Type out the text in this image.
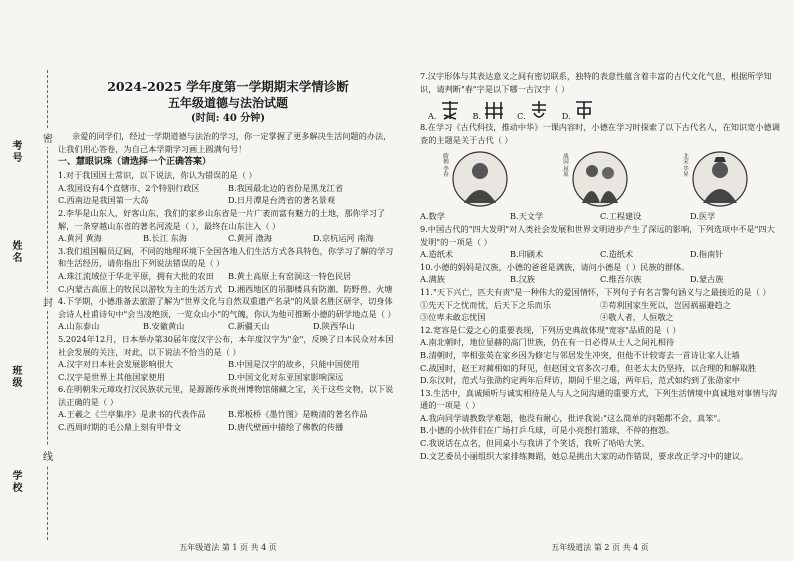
考号
姓名
班级
学校
密
封
线
2024-2025 学年度第一学期期末学情诊断
五年级道德与法治试题
(时间: 40 分钟)

亲爱的同学们，经过一学期道德与法治的学习，你一定掌握了更多解决生活问题的办法，让我们用心答卷，为自己本学期学习画上圆满句号！

一、慧眼识珠（请选择一个正确答案）

1.对于我国国土常识，以下说法，你认为错误的是（ ）

A.我国设有4个直辖市、2个特别行政区	B.我国最北边的省份是黑龙江省
C.西南边是我国第一大岛	D.日月潭是台湾省的著名景观

2.李华是山东人，好客山东，我们的家乡山东省是一片广袤而富有魅力的土地，那你学习了解，一条穿越山东省的著名河流是（ ），最终在山东注入（ ）

A.黄河 黄海	B.长江 东海	C.黄河 渤海	D.京杭运河 南海

3.我们祖国幅员辽阔，不同的地理环境下全国各地人们生活方式各具特色，你学习了解的学习和生活经历，请你指出下列说法错误的是（ ）

A.珠江流域位于华北平原，拥有大批的农田	B.黄土高原上有窑洞这一特色民居
C.内蒙古高原上的牧民以游牧为主的生活方式 D.湘西地区的吊脚楼具有防潮、防野兽、火塘

4.下学期，小德准备去旅游了解为"世界文化与自然双重遗产名录"的风景名胜区研学，切身体会诗人杜甫诗句中"会当凌绝顶，一览众山小"的气魄，你认为他可推断小德的研学地点是（ ）

A.山东泰山	B.安徽黄山	C.新疆天山	D.陕西华山

5.2024年12月，日本举办第30届年度汉字公布，本年度汉字为"金"，反映了日本民众对本国社会发展的关注，对此，以下说法不恰当的是（ ）

A.汉字对日本社会发展影响很大	B.中国是汉字的故乡，只能中国使用
C.汉字是世界上其他国家使用	D.中国文化对东亚国家影响深远

6.在明朝朱元璋攻打汉民族状元里，是源源传承贵州博物馆储藏之宝，关于这些文物，以下说法正确的是（ ）

A.王羲之《兰亭集序》是隶书的代表作品	B.郑板桥《墨竹图》是晚清的著名作品
C.西周时期的毛公鼎上刻有甲骨文	D.唐代壁画中描绘了佛教的传播
五年级道法 第 1 页 共 4 页

7.汉字形体与其表达意义之间有密切联系，独特的表意性蕴含着丰富的古代文化气息，根据所学知识，请判断"春"字是以下哪一古汉字（ ）

A.	B.	C.	D.

8.在学习《古代科技，推动中华》一课内容时，小德在学习时探索了以下古代名人，在知识宽小德调查的主题是关于古代（ ）

隋朝 李春	战国 屈原	北宋 毕昇
A.数学	B.天文学	C.工程建设	D.医学

9.中国古代的"四大发明"对人类社会发展和世界文明进步产生了深远的影响，下列选项中不是"四大发明"的一项是（ ）

A.造纸术	B.印刷术	C.造纸术	D.指南针

10.小德的妈妈是汉族，小德的爸爸是满族，请问小德是（ ）民族的群体。

A.满族	B.汉族	C.维吾尔族	D.蒙古族

11."天下兴亡，匹夫有责"是一种伟大的爱国情怀，下列句子有名言警句涵义与之最接近的是（ ）

①先天下之忧而忧，后天下之乐而乐	②苟利国家生死以，岂因祸福避趋之
③位卑未敢忘忧国	④敬人者，人恒敬之

12.宽容是仁爱之心的重要表现，下列历史典故体现"宽容"品质的是（ ）

A.南北朝时，地位显赫的高门世族，仍在有一日必得从士人之间礼相待

B.清朝时，宰相张英在家乡因为修宅与邻居发生冲突，但他不计较寄去一首诗让家人让墙

C.战国时，赵王对蔺相如的拜见，但赵国文官多次刁难，但老太太仍坚持，以合理的和解取胜

D.东汉时，范式与张劭约定两年后拜访，期间千里之遥，两年后，范式如约到了张劭家中

13.生活中，真诚倾听与诚实相待是人与人之间沟通的重要方式，下列生活情境中真诚地对事情与沟通的一项是（ ）

A.我向同学请教数学难题，他没有耐心，批评我说:"这么简单的问题都不会，真笨"。

B.小德的小伙伴们在广场打乒乓球，可是小亮想打篮球，不停的抱怨。

C.我说话在点名，但同桌小与我讲了个笑话，我听了哈哈大笑。

D.文艺委员小丽组织大家排练舞蹈，她总是挑出大家的动作错误，要求改正学习中的建议。

五年级道法 第 2 页 共 4 页
